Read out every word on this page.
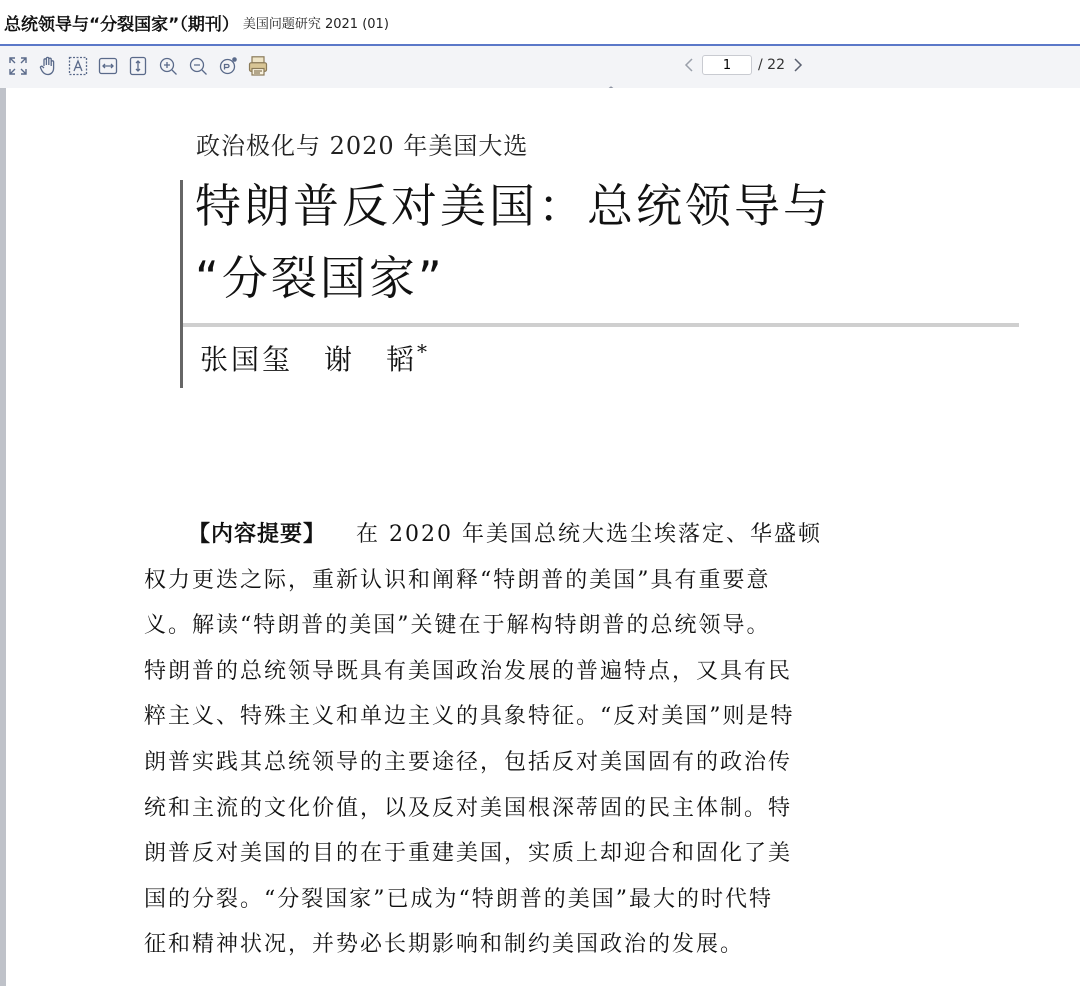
总统领导与“分裂国家”（期刊） 美国问题研究 2021 (01)
1
/ 22
政治极化与 2020 年美国大选
特朗普反对美国：总统领导与
“分裂国家”
张国玺　谢　韬*
【内容提要】 在 2020 年美国总统大选尘埃落定、华盛顿
权力更迭之际，重新认识和阐释“特朗普的美国”具有重要意
义。解读“特朗普的美国”关键在于解构特朗普的总统领导。
特朗普的总统领导既具有美国政治发展的普遍特点，又具有民
粹主义、特殊主义和单边主义的具象特征。“反对美国”则是特
朗普实践其总统领导的主要途径，包括反对美国固有的政治传
统和主流的文化价值，以及反对美国根深蒂固的民主体制。特
朗普反对美国的目的在于重建美国，实质上却迎合和固化了美
国的分裂。“分裂国家”已成为“特朗普的美国”最大的时代特
征和精神状况，并势必长期影响和制约美国政治的发展。
